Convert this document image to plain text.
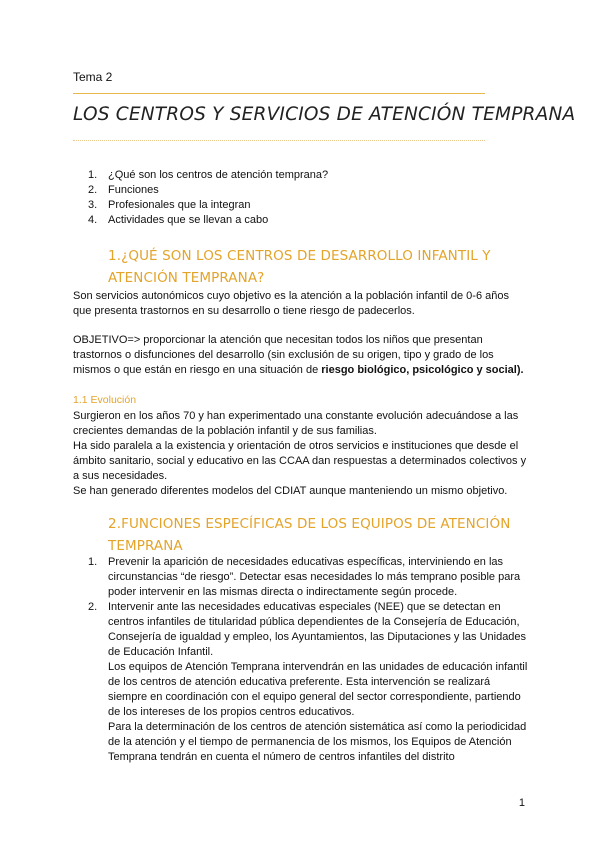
Tema 2
LOS CENTROS Y SERVICIOS DE ATENCIÓN TEMPRANA
1. ¿Qué son los centros de atención temprana?
2. Funciones
3. Profesionales que la integran
4. Actividades que se llevan a cabo
1.¿QUÉ SON LOS CENTROS DE DESARROLLO INFANTIL Y
ATENCIÓN TEMPRANA?
Son servicios autonómicos cuyo objetivo es la atención a la población infantil de 0-6 años que presenta trastornos en su desarrollo o tiene riesgo de padecerlos.
OBJETIVO=> proporcionar la atención que necesitan todos los niños que presentan trastornos o disfunciones del desarrollo (sin exclusión de su origen, tipo y grado de los mismos o que están en riesgo en una situación de riesgo biológico, psicológico y social).
1.1 Evolución
Surgieron en los años 70 y han experimentado una constante evolución adecuándose a las crecientes demandas de la población infantil y de sus familias.
Ha sido paralela a la existencia y orientación de otros servicios e instituciones que desde el ámbito sanitario, social y educativo en las CCAA dan respuestas a determinados colectivos y a sus necesidades.
Se han generado diferentes modelos del CDIAT aunque manteniendo un mismo objetivo.
2.FUNCIONES ESPECÍFICAS DE LOS EQUIPOS DE ATENCIÓN
TEMPRANA
1. Prevenir la aparición de necesidades educativas específicas, interviniendo en las circunstancias “de riesgo”. Detectar esas necesidades lo más temprano posible para poder intervenir en las mismas directa o indirectamente según procede.
2. Intervenir ante las necesidades educativas especiales (NEE) que se detectan en centros infantiles de titularidad pública dependientes de la Consejería de Educación, Consejería de igualdad y empleo, los Ayuntamientos, las Diputaciones y las Unidades de Educación Infantil.
Los equipos de Atención Temprana intervendrán en las unidades de educación infantil de los centros de atención educativa preferente. Esta intervención se realizará siempre en coordinación con el equipo general del sector correspondiente, partiendo de los intereses de los propios centros educativos.
Para la determinación de los centros de atención sistemática así como la periodicidad de la atención y el tiempo de permanencia de los mismos, los Equipos de Atención Temprana tendrán en cuenta el número de centros infantiles del distrito
1
